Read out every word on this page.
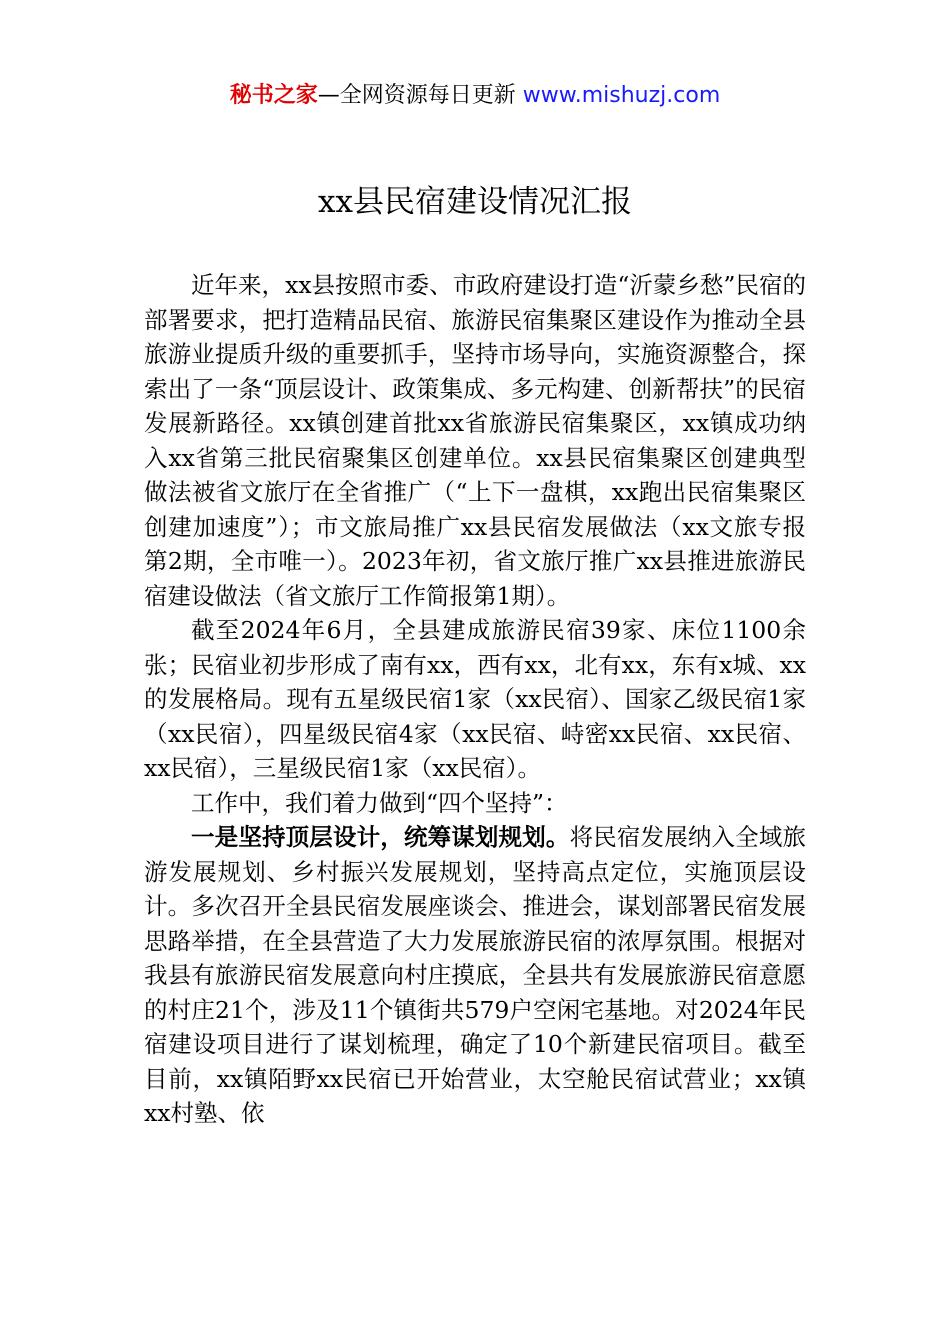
秘书之家—全网资源每日更新 www.mishuzj.com
xx县民宿建设情况汇报

近年来，xx县按照市委、市政府建设打造“沂蒙乡愁”民宿的部署要求，把打造精品民宿、旅游民宿集聚区建设作为推动全县旅游业提质升级的重要抓手，坚持市场导向，实施资源整合，探索出了一条“顶层设计、政策集成、多元构建、创新帮扶”的民宿发展新路径。xx镇创建首批xx省旅游民宿集聚区，xx镇成功纳入xx省第三批民宿聚集区创建单位。xx县民宿集聚区创建典型做法被省文旅厅在全省推广（“上下一盘棋，xx跑出民宿集聚区创建加速度”）；市文旅局推广xx县民宿发展做法（xx文旅专报第2期，全市唯一）。2023年初，省文旅厅推广xx县推进旅游民宿建设做法（省文旅厅工作简报第1期）。

截至2024年6月，全县建成旅游民宿39家、床位1100余张；民宿业初步形成了南有xx，西有xx，北有xx，东有x城、xx的发展格局。现有五星级民宿1家（xx民宿）、国家乙级民宿1家（xx民宿），四星级民宿4家（xx民宿、峙密xx民宿、xx民宿、xx民宿），三星级民宿1家（xx民宿）。

工作中，我们着力做到“四个坚持”：

一是坚持顶层设计，统筹谋划规划。将民宿发展纳入全域旅游发展规划、乡村振兴发展规划，坚持高点定位，实施顶层设计。多次召开全县民宿发展座谈会、推进会，谋划部署民宿发展思路举措，在全县营造了大力发展旅游民宿的浓厚氛围。根据对我县有旅游民宿发展意向村庄摸底，全县共有发展旅游民宿意愿的村庄21个，涉及11个镇街共579户空闲宅基地。对2024年民宿建设项目进行了谋划梳理，确定了10个新建民宿项目。截至目前，xx镇陌野xx民宿已开始营业，太空舱民宿试营业；xx镇xx村塾、依
